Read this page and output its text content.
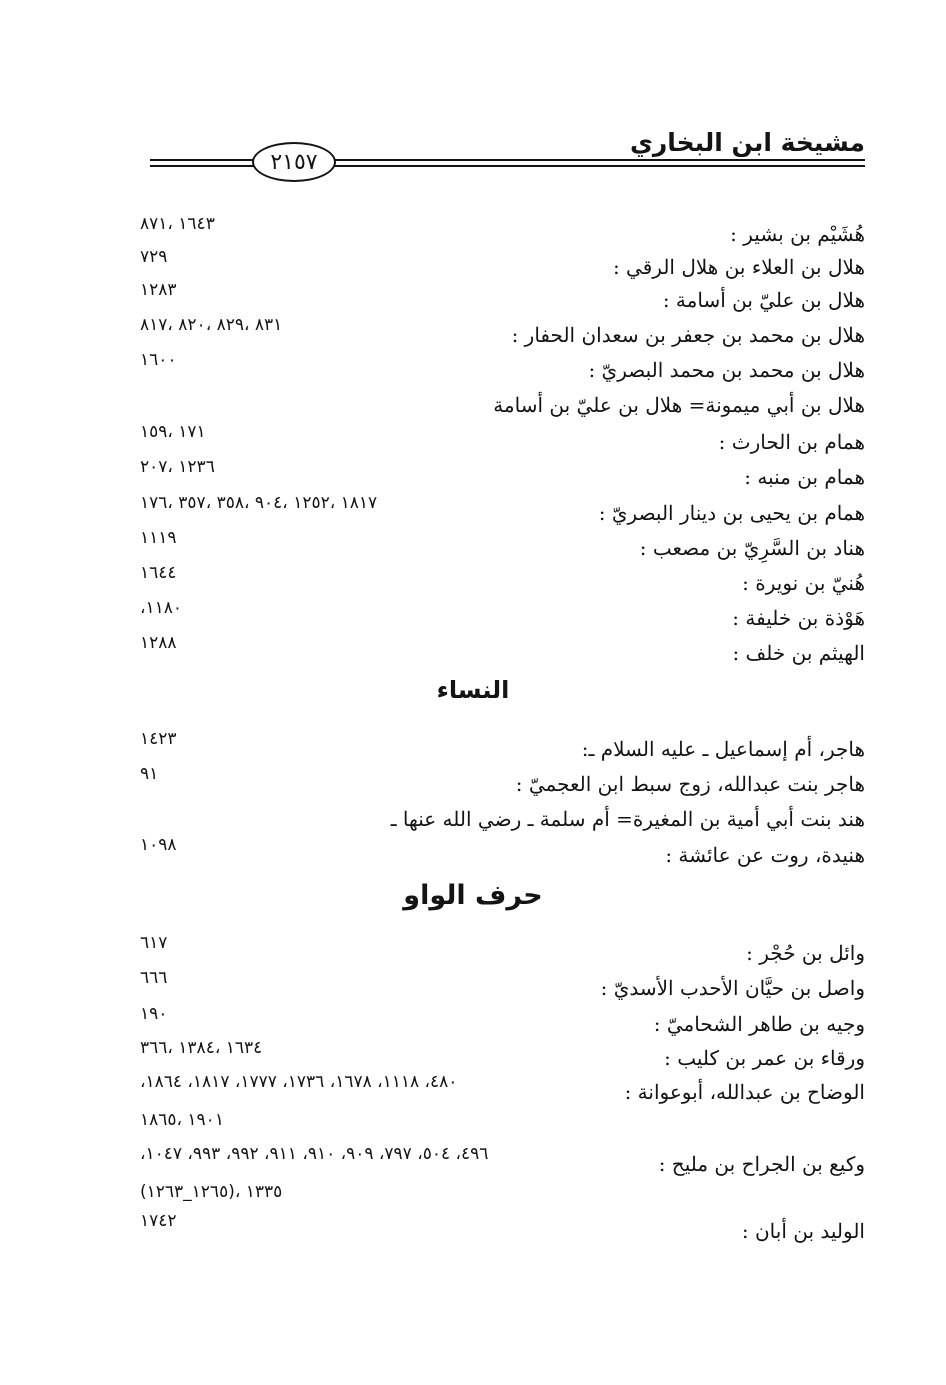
مشيخة ابن البخاري
٢١٥٧
هُشَيْم بن بشير :
١٦٤٣ ،٨٧١
هلال بن العلاء بن هلال الرقي :
٧٢٩
هلال بن عليّ بن أسامة :
١٢٨٣
هلال بن محمد بن جعفر بن سعدان الحفار :
٨٣١ ،٨٢٩ ،٨٢٠ ،٨١٧
هلال بن محمد بن محمد البصريّ :
١٦٠٠
هلال بن أبي ميمونة= هلال بن عليّ بن أسامة
همام بن الحارث :
١٧١ ،١٥٩
همام بن منبه :
١٢٣٦ ،٢٠٧
همام بن يحيى بن دينار البصريّ :
١٨١٧ ،١٢٥٢ ،٩٠٤ ،٣٥٨ ،٣٥٧ ،١٧٦
هناد بن السَّرِيّ بن مصعب :
١١١٩
هُنيّ بن نويرة :
١٦٤٤
هَوْذة بن خليفة :
١١٨٠،
الهيثم بن خلف :
١٢٨٨
النساء
هاجر، أم إسماعيل ـ عليه السلام ـ:
١٤٢٣
هاجر بنت عبدالله، زوج سبط ابن العجميّ :
٩١
هند بنت أبي أمية بن المغيرة= أم سلمة ـ رضي الله عنها ـ
هنيدة، روت عن عائشة :
١٠٩٨
حرف الواو
وائل بن حُجْر :
٦١٧
واصل بن حيَّان الأحدب الأسديّ :
٦٦٦
وجيه بن طاهر الشحاميّ :
١٩٠
ورقاء بن عمر بن كليب :
١٦٣٤ ،١٣٨٤ ،٣٦٦
الوضاح بن عبدالله، أبوعوانة :
٤٨٠، ١١١٨، ١٦٧٨، ١٧٣٦، ١٧٧٧، ١٨١٧، ١٨٦٤،
١٩٠١ ،١٨٦٥
وكيع بن الجراح بن مليح :
٤٩٦، ٥٠٤، ٧٩٧، ٩٠٩، ٩١٠، ٩١١، ٩٩٢، ٩٩٣، ١٠٤٧،
١٣٣٥ ،(١٢٦٥_١٢٦٣)
الوليد بن أبان :
١٧٤٢
